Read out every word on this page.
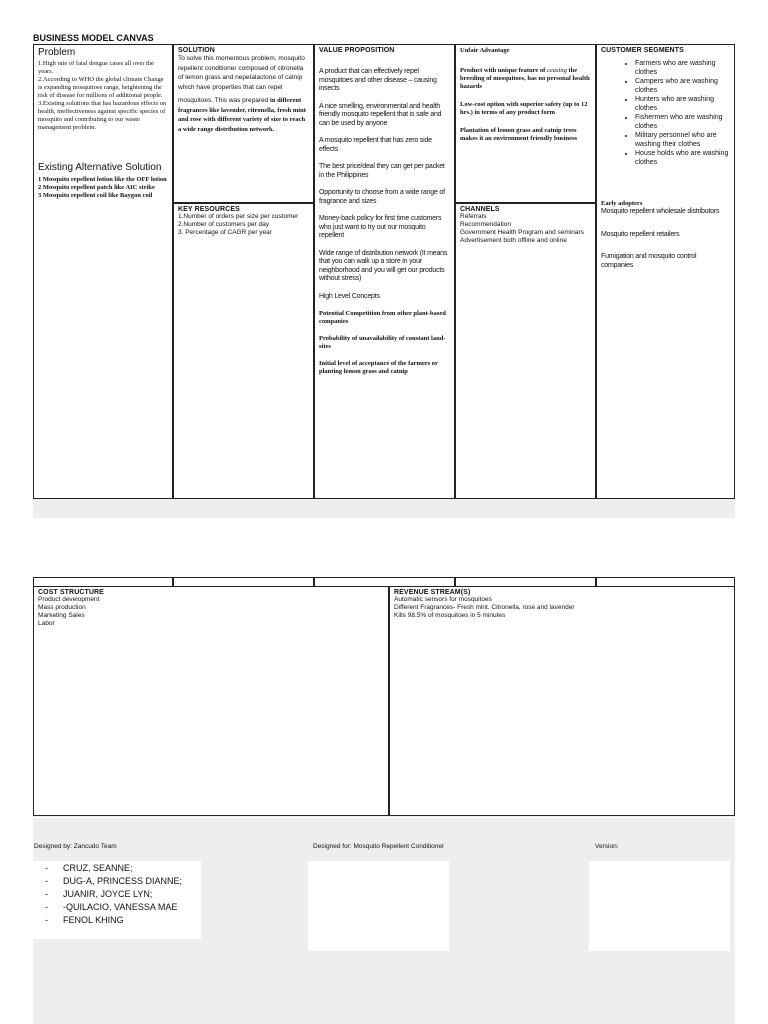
BUSINESS MODEL CANVAS
Problem
1.High rate of fatal dengue cases all over the years.
2.According to WHO the global climate Change is expanding mosquitoes range, heightening the risk of disease for millions of additional people.
3.Existing solutions that has hazardous effects on health, ineffectiveness against specific species of mosquito and contributing to our waste management problem.
Existing Alternative Solution
1 Mosquito repellent lotion like the OFF lotion
2 Mosquito repellent patch like AIC strike
3 Mosquito repellent coil like Baygon coil
SOLUTION
To solve this momentous problem, mosquito repellent conditioner composed of citronella of lemon grass and nepetalactone of catnip which have properties that can repel
mosquitoes. This was prepared in different fragrances like lavender, citronella, fresh mint and rose with different variety of size to reach a wide range distribution network.
KEY RESOURCES
1.Number of orders per size per customer
2.Number of customers per day
3. Percentage of CAGR per year
VALUE PROPOSITION
A product that can effectively repel mosquitoes and other disease – causing insects
A nice smelling, environmental and health friendly mosquito repellent that is safe and can be used by anyone
A mosquito repellent that has zero side effects
The best price/deal they can get per packet in the Philippines
Opportunity to choose from a wide range of fragrance and sizes
Money-back policy for first time customers who just want to try out our mosquito repellent
Wide range of distribution network (It means that you can walk up a store in your neighborhood and you will get our products without stress)
High Level Concepts
Potential Competition from other plant-based companies
Probability of unavailability of constant land-sites
Initial level of acceptance of the farmers or planting lemon grass and catnip
Unfair Advantage
Product with unique feature of ceasing the breeding of mosquitoes, has no personal health hazards
Low-cost option with superior safety (up to 12 hrs.) in terms of any product form
Plantation of lemon grass and catnip trees makes it an environment friendly business
CHANNELS
Referrals
Recommendation
Government Health Program and seminars
Advertisement both offline and online
CUSTOMER SEGMENTS
• Farmers who are washing clothes
• Campers who are washing clothes
• Hunters who are washing clothes
• Fishermen who are washing clothes
• Military personnel who are washing their clothes
• House holds who are washing clothes
Early adopters
Mosquito repellent wholesale distributors
Mosquito repellent retailers
Fumigation and mosquito control companies
COST STRUCTURE
Product development
Mass production
Marketing Sales
Labor
REVENUE STREAM(S)
Automatic sensors for mosquitoes
Different Fragrances- Fresh mint. Citronella, rose and lavender
Kills 98.5% of mosquitoes in 5 minutes
Designed by: Zancudo Team	Designed for: Mosquito Repellent Conditioner	Version:
- CRUZ, SEANNE;
- DUG-A, PRINCESS DIANNE;
- JUANIR, JOYCE LYN;
- -QUILACIO, VANESSA MAE
- FENOL KHING
